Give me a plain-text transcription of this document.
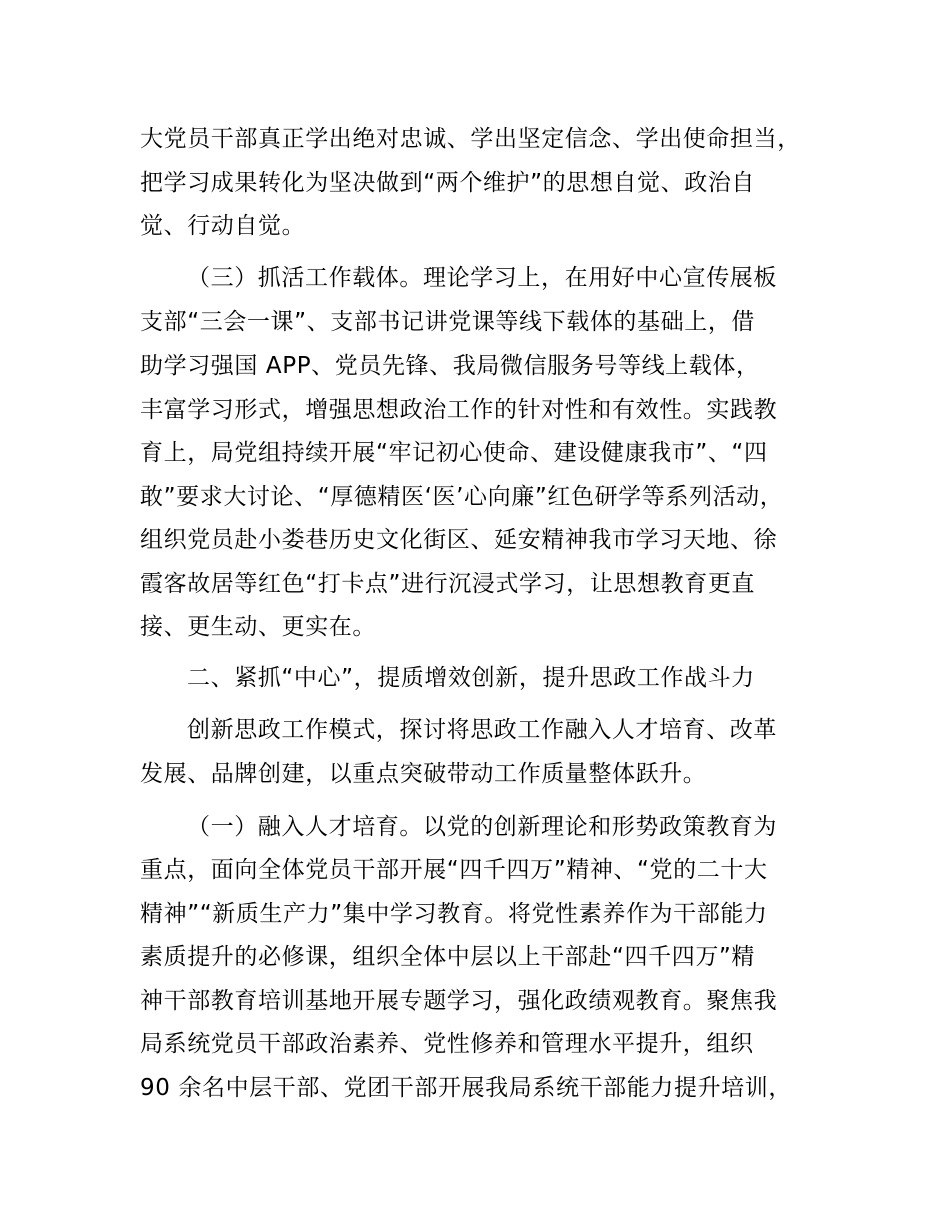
大党员干部真正学出绝对忠诚、学出坚定信念、学出使命担当，

把学习成果转化为坚决做到“两个维护”的思想自觉、政治自

觉、行动自觉。

（三）抓活工作载体。理论学习上，在用好中心宣传展板

支部“三会一课”、支部书记讲党课等线下载体的基础上，借

助学习强国 APP、党员先锋、我局微信服务号等线上载体，

丰富学习形式，增强思想政治工作的针对性和有效性。实践教

育上，局党组持续开展“牢记初心使命、建设健康我市”、“四

敢”要求大讨论、“厚德精医‘医’心向廉”红色研学等系列活动，

组织党员赴小娄巷历史文化街区、延安精神我市学习天地、徐

霞客故居等红色“打卡点”进行沉浸式学习，让思想教育更直

接、更生动、更实在。

二、紧抓“中心”，提质增效创新，提升思政工作战斗力

创新思政工作模式，探讨将思政工作融入人才培育、改革

发展、品牌创建，以重点突破带动工作质量整体跃升。

（一）融入人才培育。以党的创新理论和形势政策教育为

重点，面向全体党员干部开展“四千四万”精神、“党的二十大

精神”“新质生产力”集中学习教育。将党性素养作为干部能力

素质提升的必修课，组织全体中层以上干部赴“四千四万”精

神干部教育培训基地开展专题学习，强化政绩观教育。聚焦我

局系统党员干部政治素养、党性修养和管理水平提升，组织

90 余名中层干部、党团干部开展我局系统干部能力提升培训，
